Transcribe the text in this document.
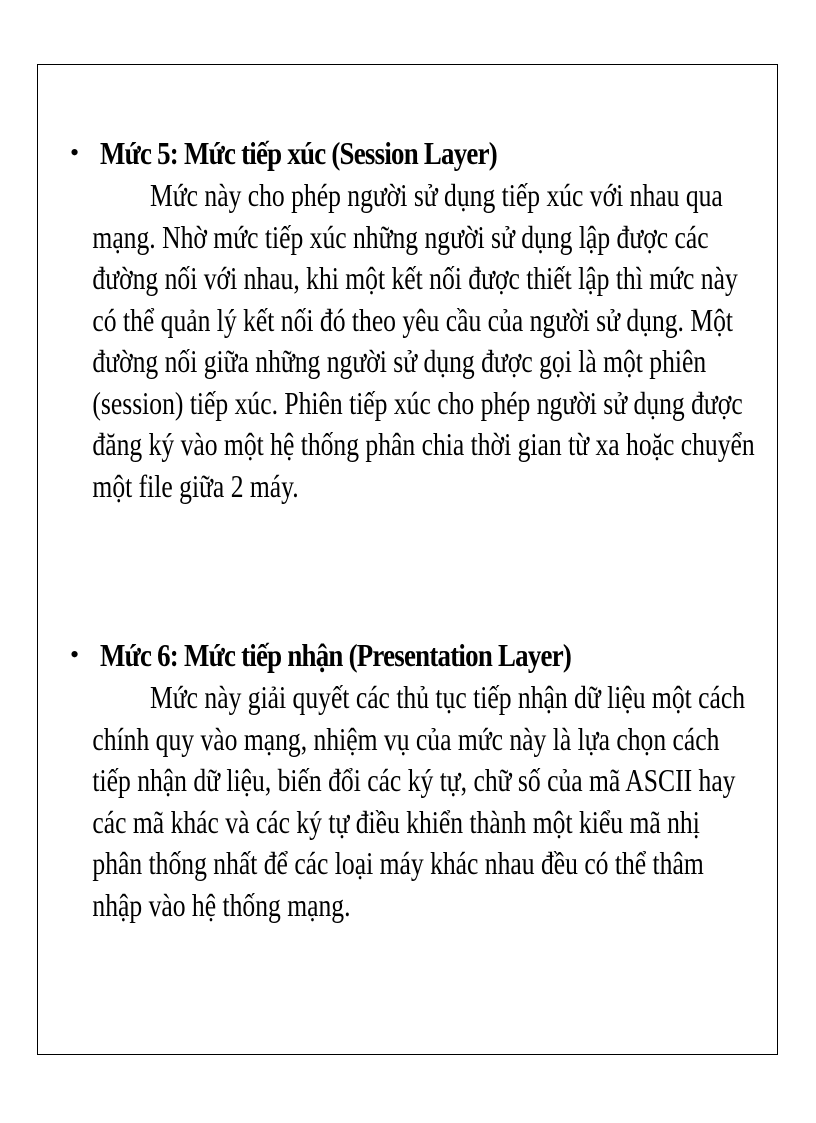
• Mức 5: Mức tiếp xúc (Session Layer)
Mức này cho phép người sử dụng tiếp xúc với nhau qua
mạng. Nhờ mức tiếp xúc những người sử dụng lập được các
đường nối với nhau, khi một kết nối được thiết lập thì mức này
có thể quản lý kết nối đó theo yêu cầu của người sử dụng. Một
đường nối giữa những người sử dụng được gọi là một phiên
(session) tiếp xúc. Phiên tiếp xúc cho phép người sử dụng được
đăng ký vào một hệ thống phân chia thời gian từ xa hoặc chuyển
một file giữa 2 máy.
• Mức 6: Mức tiếp nhận (Presentation Layer)
Mức này giải quyết các thủ tục tiếp nhận dữ liệu một cách
chính quy vào mạng, nhiệm vụ của mức này là lựa chọn cách
tiếp nhận dữ liệu, biến đổi các ký tự, chữ số của mã ASCII hay
các mã khác và các ký tự điều khiển thành một kiểu mã nhị
phân thống nhất để các loại máy khác nhau đều có thể thâm
nhập vào hệ thống mạng.
